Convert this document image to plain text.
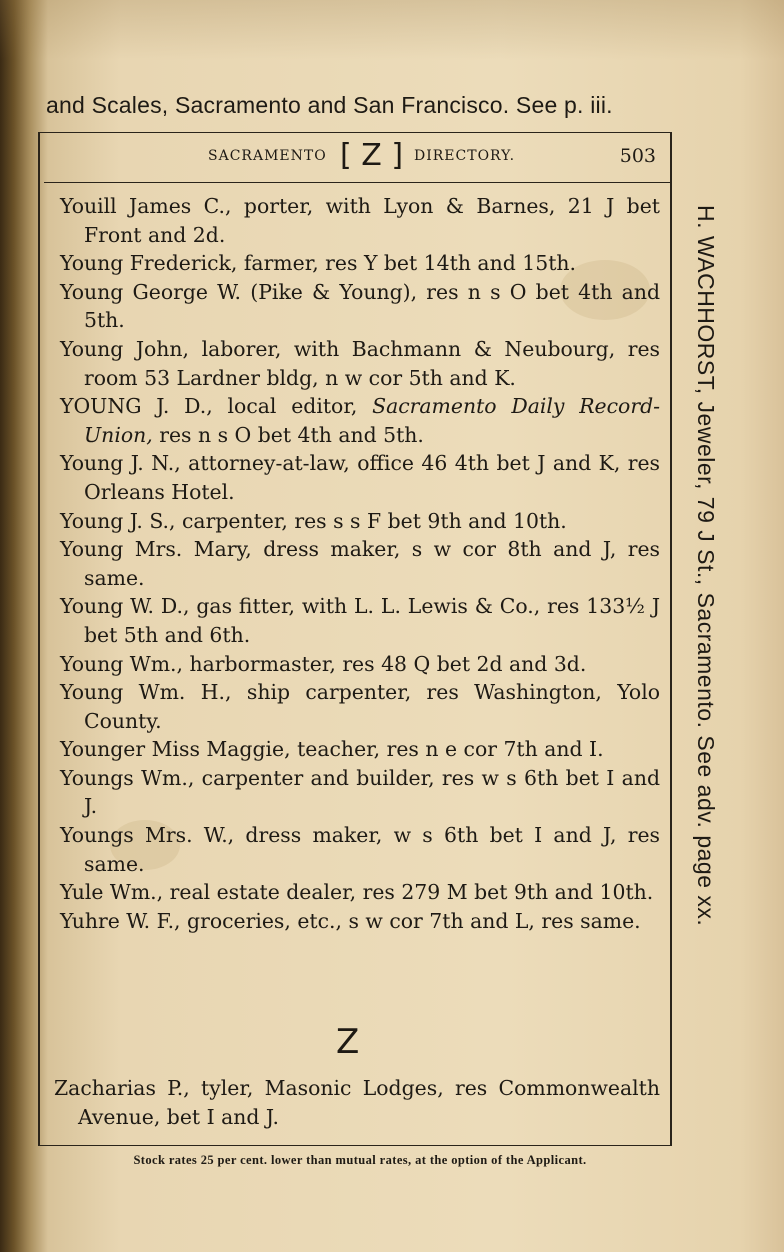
and Scales, Sacramento and San Francisco. See p. iii.
SACRAMENTO [ Z ] DIRECTORY.	503

Youill James C., porter, with Lyon & Barnes, 21 J bet Front and 2d.

Young Frederick, farmer, res Y bet 14th and 15th.

Young George W. (Pike & Young), res n s O bet 4th and 5th.

Young John, laborer, with Bachmann & Neubourg, res room 53 Lardner bldg, n w cor 5th and K.

YOUNG J. D., local editor, Sacramento Daily Record-Union, res n s O bet 4th and 5th.

Young J. N., attorney-at-law, office 46 4th bet J and K, res Orleans Hotel.

Young J. S., carpenter, res s s F bet 9th and 10th.

Young Mrs. Mary, dress maker, s w cor 8th and J, res same.

Young W. D., gas fitter, with L. L. Lewis & Co., res 133½ J bet 5th and 6th.

Young Wm., harbormaster, res 48 Q bet 2d and 3d.

Young Wm. H., ship carpenter, res Washington, Yolo County.

Younger Miss Maggie, teacher, res n e cor 7th and I.

Youngs Wm., carpenter and builder, res w s 6th bet I and J.

Youngs Mrs. W., dress maker, w s 6th bet I and J, res same.

Yule Wm., real estate dealer, res 279 M bet 9th and 10th.

Yuhre W. F., groceries, etc., s w cor 7th and L, res same.

Z

Zacharias P., tyler, Masonic Lodges, res Commonwealth Avenue, bet I and J.

H. WACHHORST, Jeweler, 79 J St., Sacramento. See adv. page xx.
Stock rates 25 per cent. lower than mutual rates, at the option of the Applicant.
